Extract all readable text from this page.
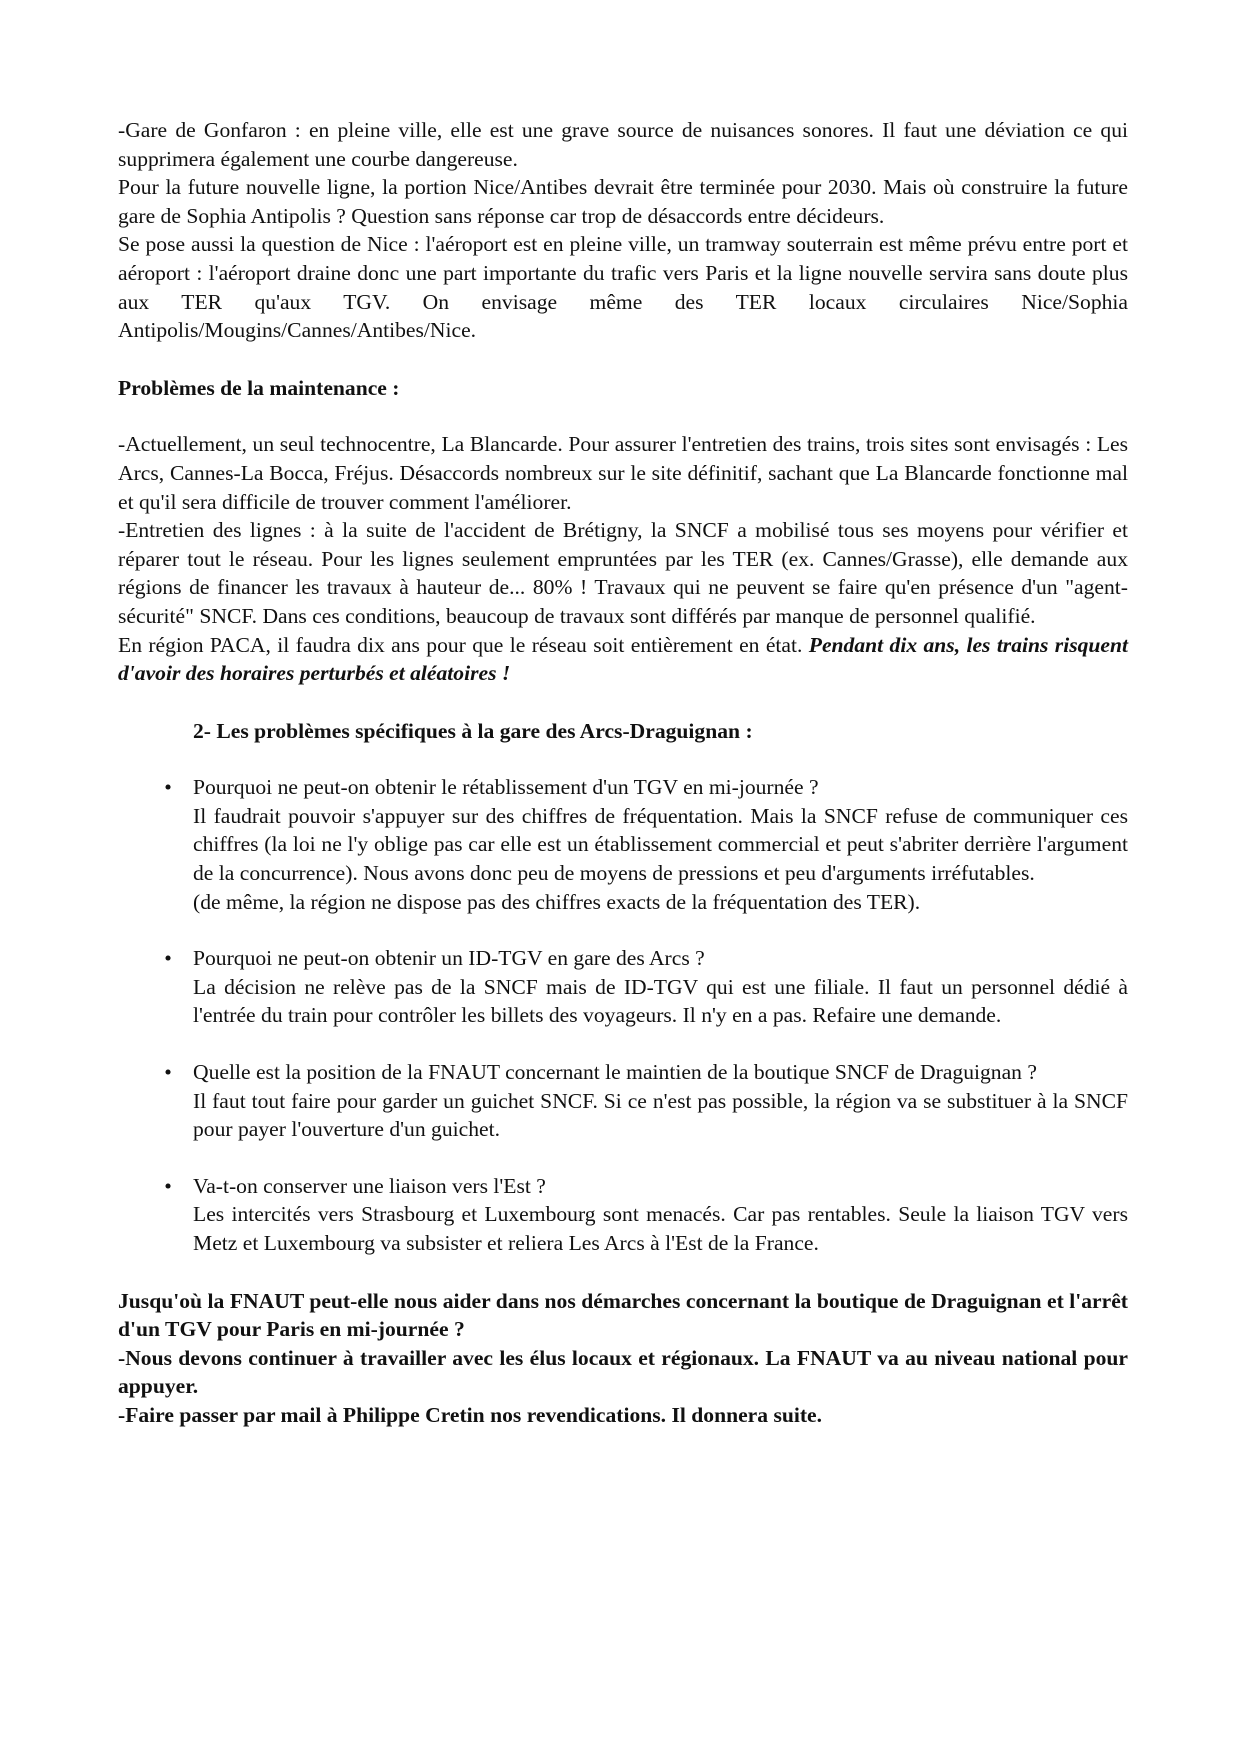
-Gare de Gonfaron : en pleine ville, elle est une grave source de nuisances sonores. Il faut une déviation ce qui supprimera également une courbe dangereuse.

Pour la future nouvelle ligne, la portion Nice/Antibes devrait être terminée pour 2030. Mais où construire la future gare de Sophia Antipolis ? Question sans réponse car trop de désaccords entre décideurs.

Se pose aussi la question de Nice : l'aéroport est en pleine ville, un tramway souterrain est même prévu entre port et aéroport : l'aéroport draine donc une part importante du trafic vers Paris et la ligne nouvelle servira sans doute plus aux TER qu'aux TGV. On envisage même des TER locaux circulaires Nice/Sophia Antipolis/Mougins/Cannes/Antibes/Nice.

Problèmes de la maintenance :

-Actuellement, un seul technocentre, La Blancarde. Pour assurer l'entretien des trains, trois sites sont envisagés : Les Arcs, Cannes-La Bocca, Fréjus. Désaccords nombreux sur le site définitif, sachant que La Blancarde fonctionne mal et qu'il sera difficile de trouver comment l'améliorer.

-Entretien des lignes : à la suite de l'accident de Brétigny, la SNCF a mobilisé tous ses moyens pour vérifier et réparer tout le réseau. Pour les lignes seulement empruntées par les TER (ex. Cannes/Grasse), elle demande aux régions de financer les travaux à hauteur de... 80% ! Travaux qui ne peuvent se faire qu'en présence d'un "agent-sécurité" SNCF. Dans ces conditions, beaucoup de travaux sont différés par manque de personnel qualifié.

En région PACA, il faudra dix ans pour que le réseau soit entièrement en état. Pendant dix ans, les trains risquent d'avoir des horaires perturbés et aléatoires !

2- Les problèmes spécifiques à la gare des Arcs-Draguignan :

• Pourquoi ne peut-on obtenir le rétablissement d'un TGV en mi-journée ?

Il faudrait pouvoir s'appuyer sur des chiffres de fréquentation. Mais la SNCF refuse de communiquer ces chiffres (la loi ne l'y oblige pas car elle est un établissement commercial et peut s'abriter derrière l'argument de la concurrence). Nous avons donc peu de moyens de pressions et peu d'arguments irréfutables.

(de même, la région ne dispose pas des chiffres exacts de la fréquentation des TER).

• Pourquoi ne peut-on obtenir un ID-TGV en gare des Arcs ?

La décision ne relève pas de la SNCF mais de ID-TGV qui est une filiale. Il faut un personnel dédié à l'entrée du train pour contrôler les billets des voyageurs. Il n'y en a pas. Refaire une demande.

• Quelle est la position de la FNAUT concernant le maintien de la boutique SNCF de Draguignan ?

Il faut tout faire pour garder un guichet SNCF. Si ce n'est pas possible, la région va se substituer à la SNCF pour payer l'ouverture d'un guichet.

• Va-t-on conserver une liaison vers l'Est ?

Les intercités vers Strasbourg et Luxembourg sont menacés. Car pas rentables. Seule la liaison TGV vers Metz et Luxembourg va subsister et reliera Les Arcs à l'Est de la France.

Jusqu'où la FNAUT peut-elle nous aider dans nos démarches concernant la boutique de Draguignan et l'arrêt d'un TGV pour Paris en mi-journée ?

-Nous devons continuer à travailler avec les élus locaux et régionaux. La FNAUT va au niveau national pour appuyer.

-Faire passer par mail à Philippe Cretin nos revendications. Il donnera suite.
